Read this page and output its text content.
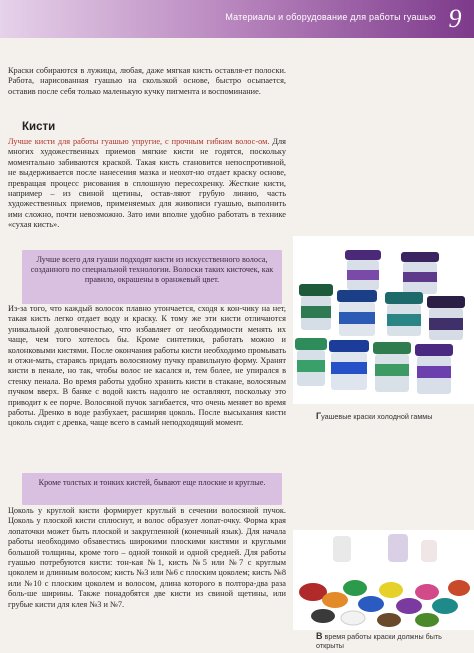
Материалы и оборудование для работы гуашью 9

Краски собираются в лужицы, любая, даже мягкая кисть оставля-ет полоски. Работа, нарисованная гуашью на скользкой основе, быстро осыпается, оставив после себя только маленькую кучку пигмента и воспоминание.

Кисти

Лучше кисти для работы гуашью упругие, с прочным гибким волос-ом. Для многих художественных приемов мягкие кисти не годятся, поскольку моментально забиваются краской. Такая кисть становится непоспротивной, не выдерживается после нанесения мазка и неохот-но отдает краску основе, превращая процесс рисования в сплошную пересохренку. Жесткие кисти, например – из свиной щетины, остав-ляют грубую линию, часть художественных приемов, применяемых для живописи гуашью, выполнить ими сложно, почти невозможно. Зато ими вполне удобно работать в технике «сухая кисть».

Лучше всего для гуаши подходят кисти из искусственного волоса, созданного по специальной технологии. Волоски таких кисточек, как правило, окрашены в оранжевый цвет.

Из-за того, что каждый волосок плавно утончается, сходя к кон-чику на нет, такая кисть легко отдает воду и краску. К тому же эти кисти отличаются уникальной долговечностью, что избавляет от необходимости менять их чаще, чем того хотелось бы. Кроме синтетики, работать можно и колонковыми кистями. После окончания работы кисти необходимо промывать и отжи-мать, стараясь придать волосяному пучку правильную форму. Хранят кисти в пенале, но так, чтобы волос не касался и, тем более, не упирался в стенку пенала. Во время работы удобно хранить кисти в стакане, волосяным пучком вверх. В банке с водой кисть надолго не оставляют, поскольку это приводит к ее порче. Волосяной пучок загибается, что очень меняет во время работы. Дренко в воде разбухает, расширяя цоколь. После высыхания кисти цоколь сидит с древка, чаще всего в самый неподходящий момент.

Кроме толстых и тонких кистей, бывают еще плоские и круглые.

Цоколь у круглой кисти формирует круглый в сечении волосяной пучок. Цоколь у плоской кисти сплюснут, и волос образует лопат-очку. Форма края лопаточки может быть плоской и закругленной (конечный язык). Для начала работы необходимо обзавестись широкими плоскими кистями и круглыми большой толщины, кроме того – одной тонкой и одной средней. Для работы гуашью потребуются кисти: тон-кая №1, кисть №5 или №7 с круглым цоколем и длинным волосом; кисть №3 или №6 с плоским цоколем; кисть №8 или №10 с плоским цоколем и волосом, длина которого в полтора-два раза боль-ше ширины. Также понадобятся две кисти из свиной щетины, или грубые кисти для клея №3 и №7.

Гуашевые краски холодной гаммы
В время работы краски должны быть открыты
